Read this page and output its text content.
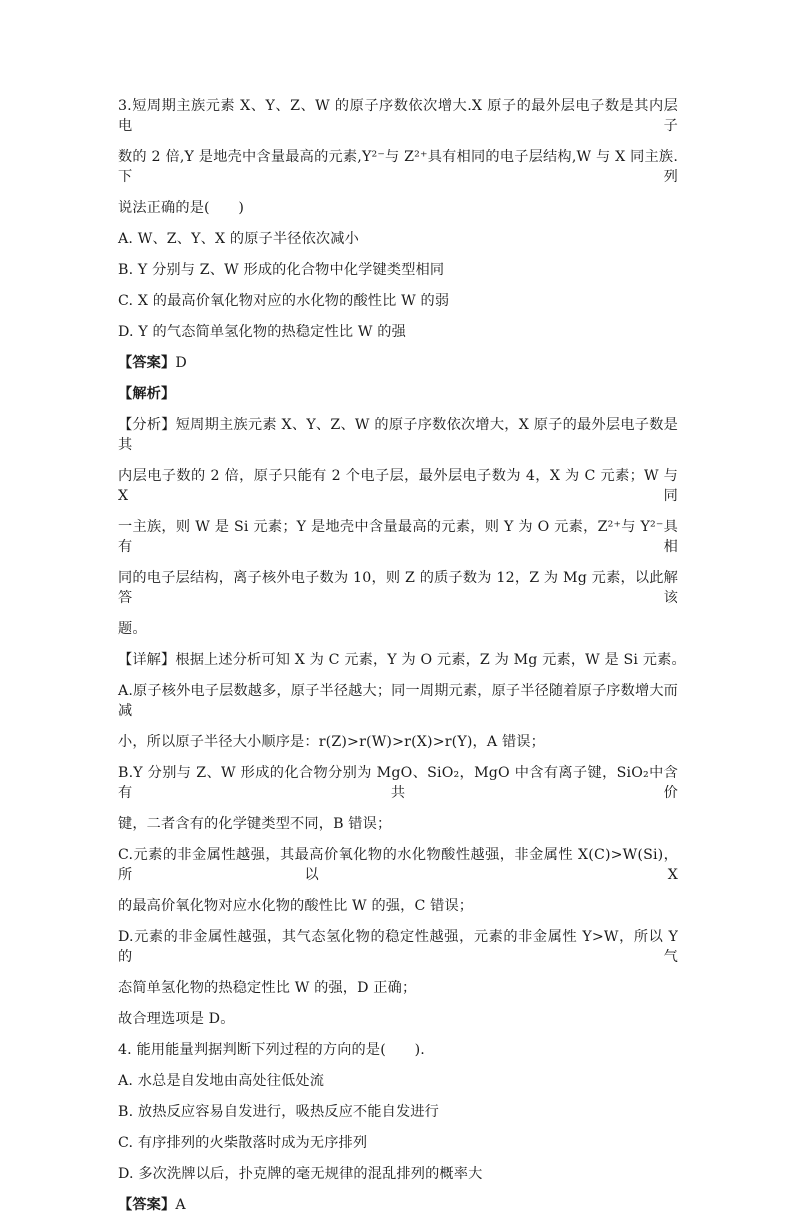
3.短周期主族元素 X、Y、Z、W 的原子序数依次增大.X 原子的最外层电子数是其内层电子

数的 2 倍,Y 是地壳中含量最高的元素,Y²⁻与 Z²⁺具有相同的电子层结构,W 与 X 同主族.下列

说法正确的是(　　)

A. W、Z、Y、X 的原子半径依次减小

B. Y 分别与 Z、W 形成的化合物中化学键类型相同

C. X 的最高价氧化物对应的水化物的酸性比 W 的弱

D. Y 的气态简单氢化物的热稳定性比 W 的强

【答案】D

【解析】

【分析】短周期主族元素 X、Y、Z、W 的原子序数依次增大，X 原子的最外层电子数是其

内层电子数的 2 倍，原子只能有 2 个电子层，最外层电子数为 4，X 为 C 元素；W 与 X 同

一主族，则 W 是 Si 元素；Y 是地壳中含量最高的元素，则 Y 为 O 元素，Z²⁺与 Y²⁻具有相

同的电子层结构，离子核外电子数为 10，则 Z 的质子数为 12，Z 为 Mg 元素，以此解答该

题。

【详解】根据上述分析可知 X 为 C 元素，Y 为 O 元素，Z 为 Mg 元素，W 是 Si 元素。

A.原子核外电子层数越多，原子半径越大；同一周期元素，原子半径随着原子序数增大而减

小，所以原子半径大小顺序是：r(Z)>r(W)>r(X)>r(Y)，A 错误；

B.Y 分别与 Z、W 形成的化合物分别为 MgO、SiO₂，MgO 中含有离子键，SiO₂中含有共价

键，二者含有的化学键类型不同，B 错误；

C.元素的非金属性越强，其最高价氧化物的水化物酸性越强，非金属性 X(C)>W(Si)，所以 X

的最高价氧化物对应水化物的酸性比 W 的强，C 错误；

D.元素的非金属性越强，其气态氢化物的稳定性越强，元素的非金属性 Y>W，所以 Y 的气

态简单氢化物的热稳定性比 W 的强，D 正确；

故合理选项是 D。

4. 能用能量判据判断下列过程的方向的是(　　).

A. 水总是自发地由高处往低处流

B. 放热反应容易自发进行，吸热反应不能自发进行

C. 有序排列的火柴散落时成为无序排列

D. 多次洗牌以后，扑克牌的毫无规律的混乱排列的概率大

【答案】A
